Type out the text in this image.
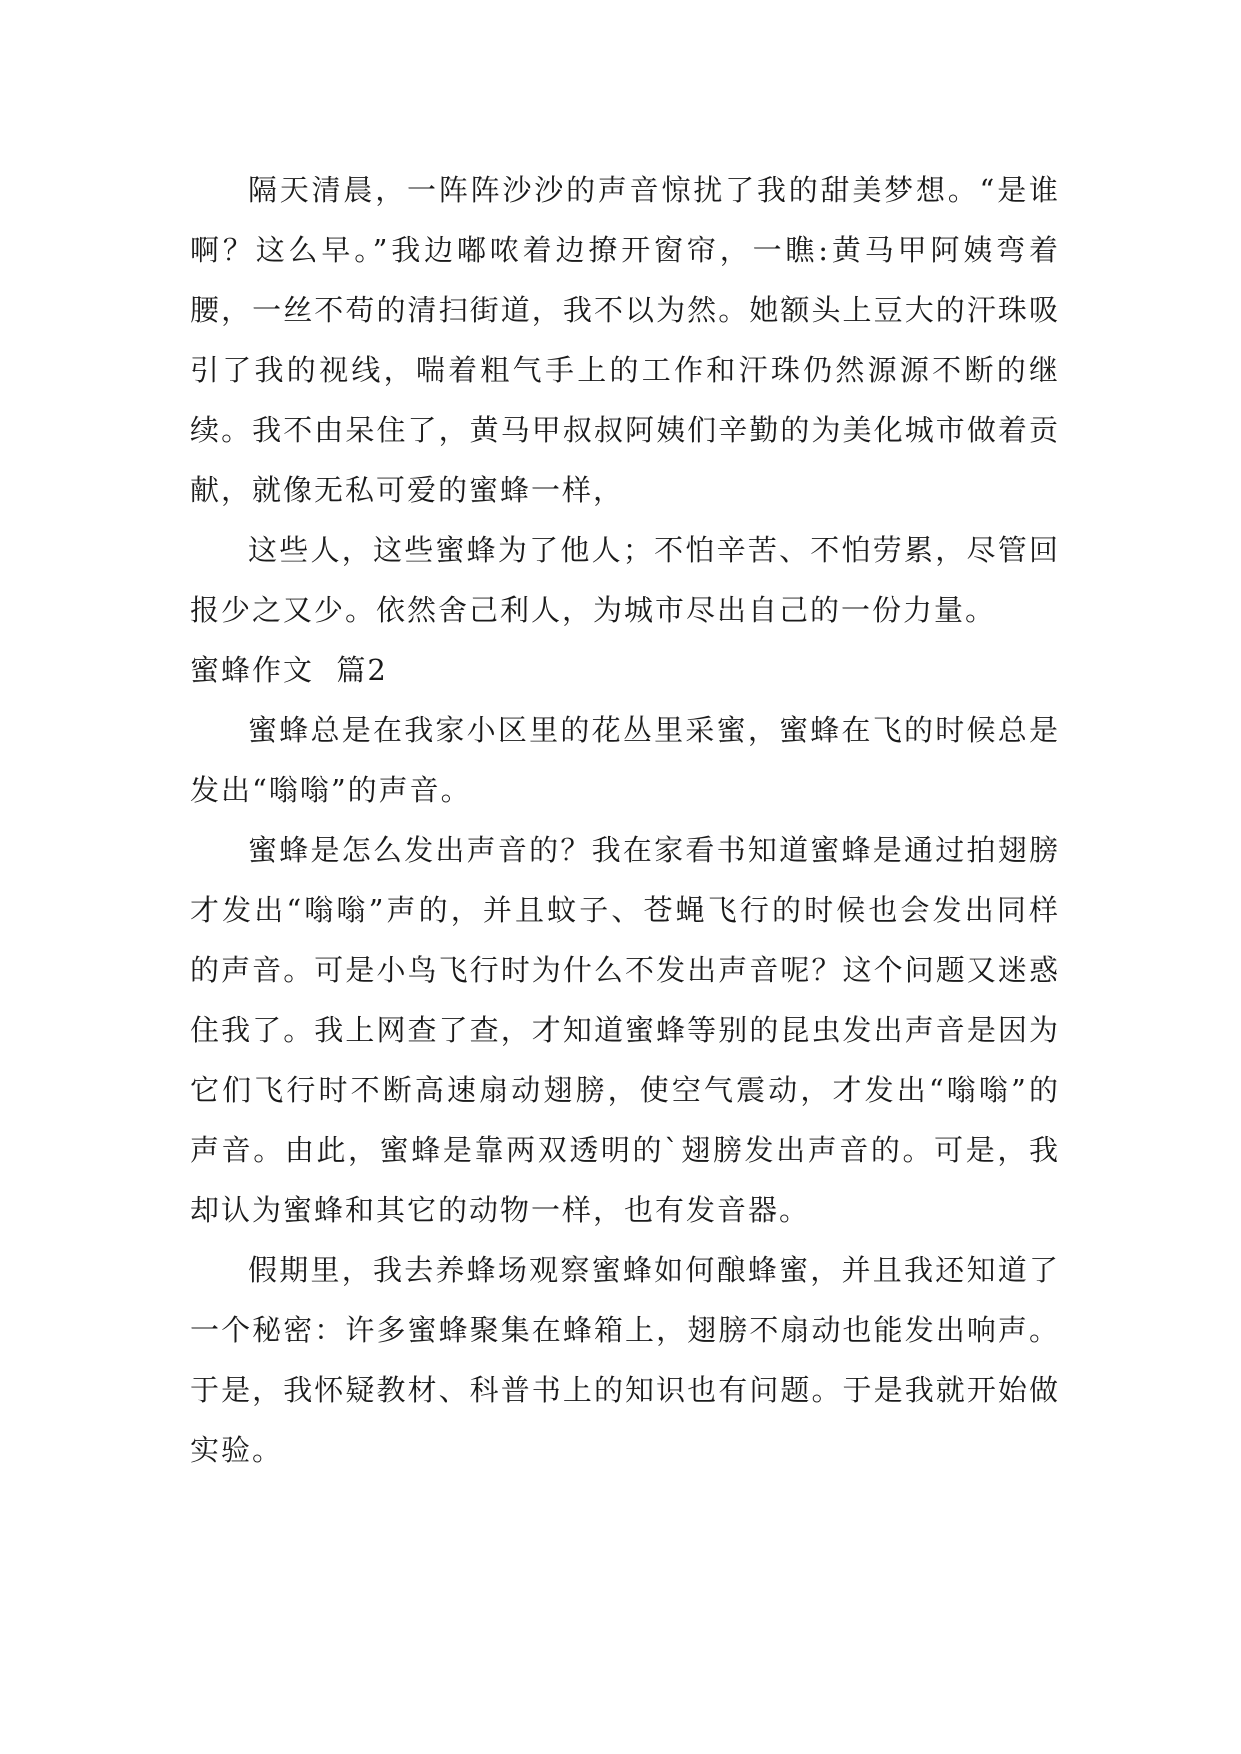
隔天清晨，一阵阵沙沙的声音惊扰了我的甜美梦想。“是谁啊？这么早。”我边嘟哝着边撩开窗帘，一瞧:黄马甲阿姨弯着腰，一丝不苟的清扫街道，我不以为然。她额头上豆大的汗珠吸引了我的视线，喘着粗气手上的工作和汗珠仍然源源不断的继续。我不由呆住了，黄马甲叔叔阿姨们辛勤的为美化城市做着贡献，就像无私可爱的蜜蜂一样，

这些人，这些蜜蜂为了他人；不怕辛苦、不怕劳累，尽管回报少之又少。依然舍己利人，为城市尽出自己的一份力量。

蜜蜂作文  篇2

蜜蜂总是在我家小区里的花丛里采蜜，蜜蜂在飞的时候总是发出“嗡嗡”的声音。

蜜蜂是怎么发出声音的？我在家看书知道蜜蜂是通过拍翅膀才发出“嗡嗡”声的，并且蚊子、苍蝇飞行的时候也会发出同样的声音。可是小鸟飞行时为什么不发出声音呢？这个问题又迷惑住我了。我上网查了查，才知道蜜蜂等别的昆虫发出声音是因为它们飞行时不断高速扇动翅膀，使空气震动，才发出“嗡嗡”的声音。由此，蜜蜂是靠两双透明的`翅膀发出声音的。可是，我却认为蜜蜂和其它的动物一样，也有发音器。

假期里，我去养蜂场观察蜜蜂如何酿蜂蜜，并且我还知道了一个秘密：许多蜜蜂聚集在蜂箱上，翅膀不扇动也能发出响声。于是，我怀疑教材、科普书上的知识也有问题。于是我就开始做实验。
